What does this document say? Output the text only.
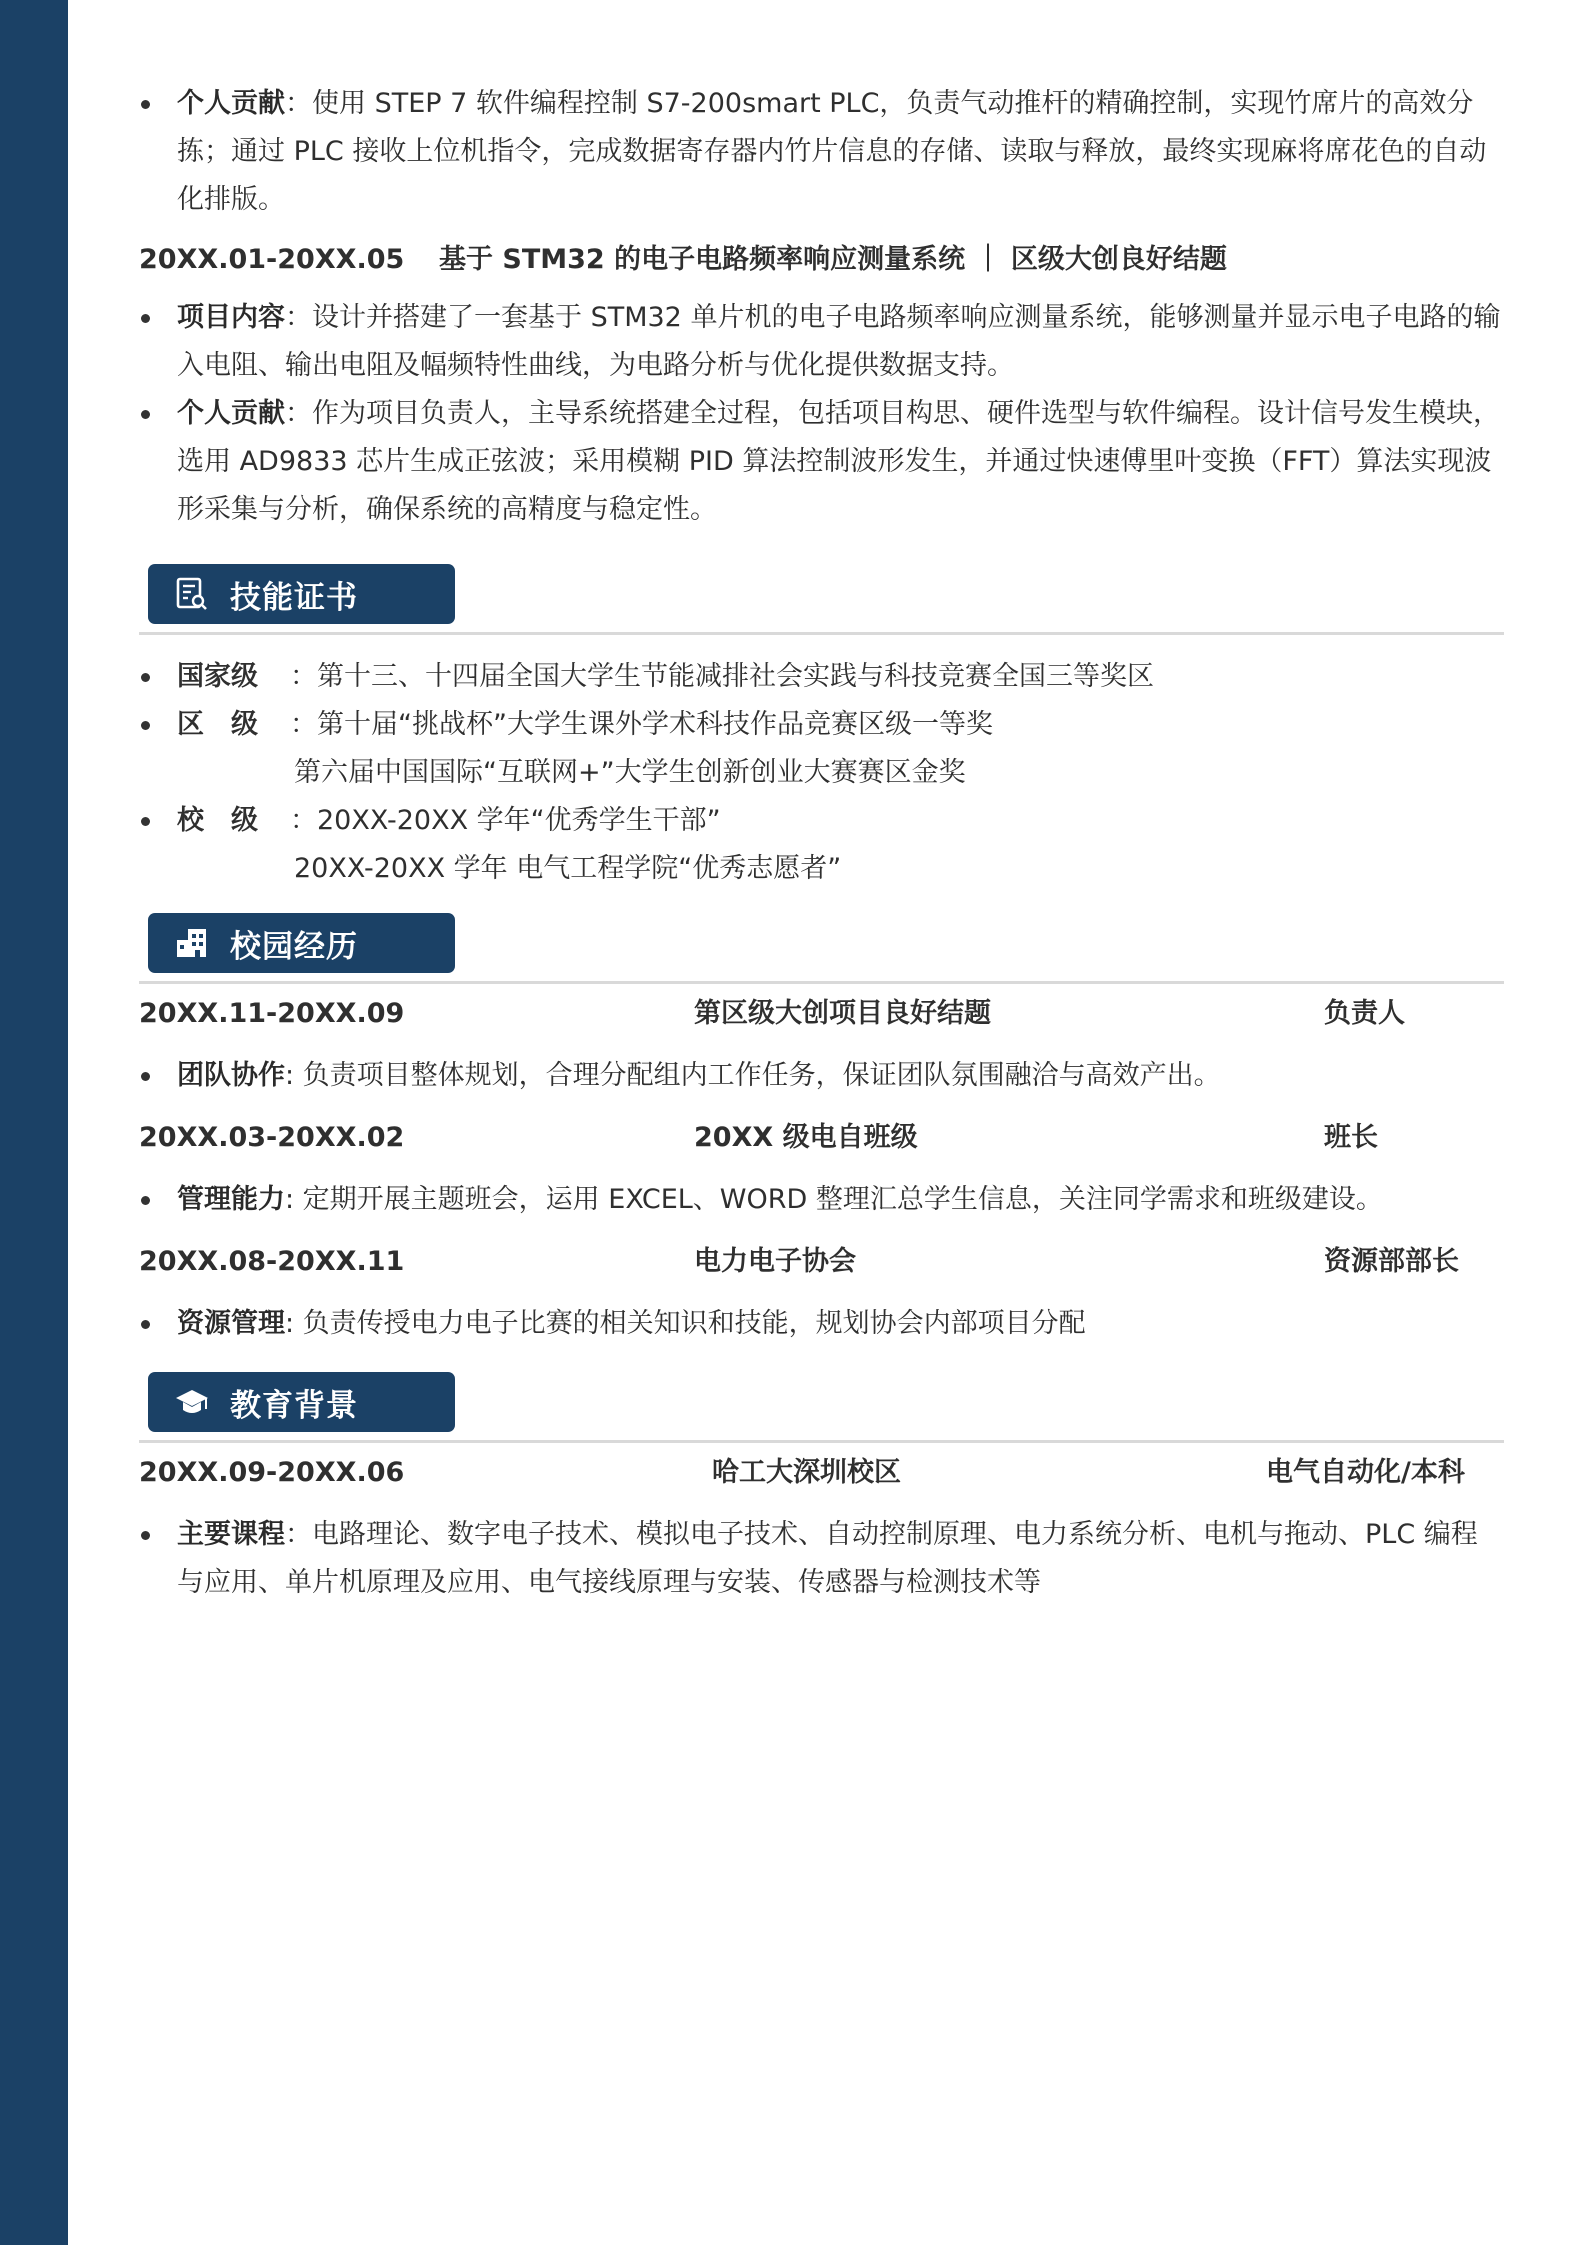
个人贡献：使用 STEP 7 软件编程控制 S7-200smart PLC，负责气动推杆的精确控制，实现竹席片的高效分拣；通过 PLC 接收上位机指令，完成数据寄存器内竹片信息的存储、读取与释放，最终实现麻将席花色的自动化排版。
20XX.01-20XX.05 基于 STM32 的电子电路频率响应测量系统 ｜ 区级大创良好结题
项目内容：设计并搭建了一套基于 STM32 单片机的电子电路频率响应测量系统，能够测量并显示电子电路的输入电阻、输出电阻及幅频特性曲线，为电路分析与优化提供数据支持。
个人贡献：作为项目负责人，主导系统搭建全过程，包括项目构思、硬件选型与软件编程。设计信号发生模块，选用 AD9833 芯片生成正弦波；采用模糊 PID 算法控制波形发生，并通过快速傅里叶变换（FFT）算法实现波形采集与分析，确保系统的高精度与稳定性。
技能证书
国家级 ：第十三、十四届全国大学生节能减排社会实践与科技竞赛全国三等奖区
区　级 ：第十届“挑战杯”大学生课外学术科技作品竞赛区级一等奖
第六届中国国际“互联网+”大学生创新创业大赛赛区金奖
校　级 ：20XX-20XX 学年“优秀学生干部”
20XX-20XX 学年 电气工程学院“优秀志愿者”
校园经历
20XX.11-20XX.09	第区级大创项目良好结题	负责人
团队协作: 负责项目整体规划，合理分配组内工作任务，保证团队氛围融洽与高效产出。
20XX.03-20XX.02	20XX 级电自班级	班长
管理能力: 定期开展主题班会，运用 EXCEL、WORD 整理汇总学生信息，关注同学需求和班级建设。
20XX.08-20XX.11	电力电子协会	资源部部长
资源管理: 负责传授电力电子比赛的相关知识和技能，规划协会内部项目分配
教育背景
20XX.09-20XX.06	哈工大深圳校区	电气自动化/本科
主要课程：电路理论、数字电子技术、模拟电子技术、自动控制原理、电力系统分析、电机与拖动、PLC 编程与应用、单片机原理及应用、电气接线原理与安装、传感器与检测技术等
